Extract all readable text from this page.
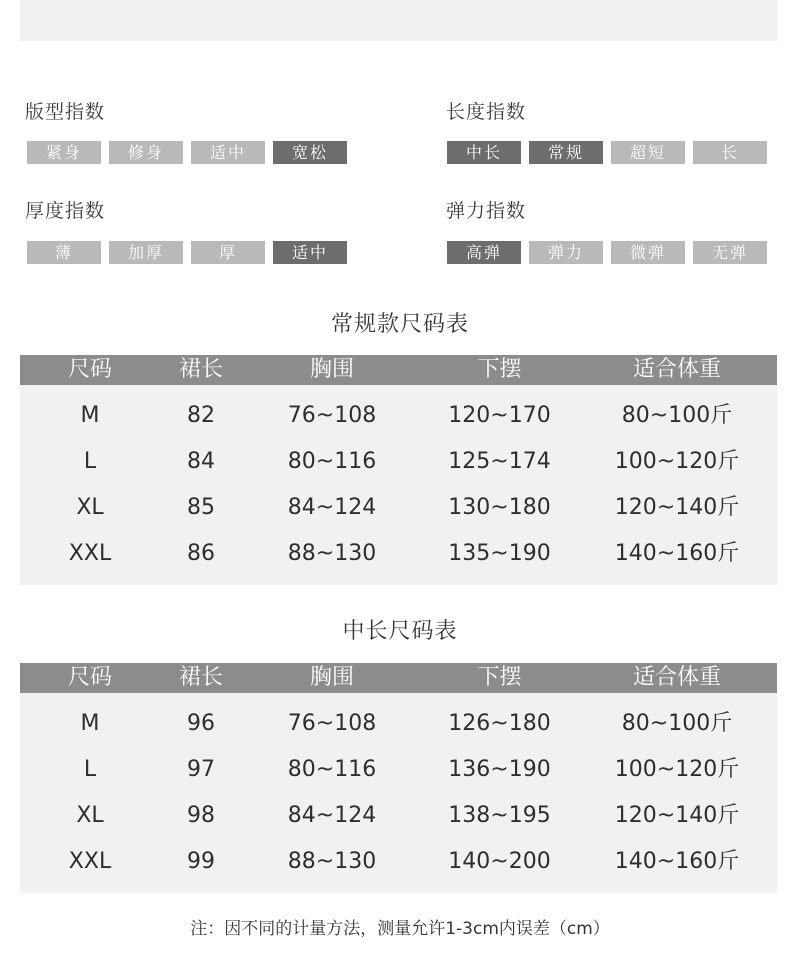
版型指数
紧身	修身	适中	宽松
长度指数
中长	常规	超短	长
厚度指数
薄	加厚	厚	适中
弹力指数
高弹	弹力	微弹	无弹
常规款尺码表
尺码	裙长	胸围	下摆	适合体重
M	82	76~108	120~170	80~100斤
L	84	80~116	125~174	100~120斤
XL	85	84~124	130~180	120~140斤
XXL	86	88~130	135~190	140~160斤
中长尺码表
尺码	裙长	胸围	下摆	适合体重
M	96	76~108	126~180	80~100斤
L	97	80~116	136~190	100~120斤
XL	98	84~124	138~195	120~140斤
XXL	99	88~130	140~200	140~160斤
注：因不同的计量方法，测量允许1-3cm内误差（cm）
